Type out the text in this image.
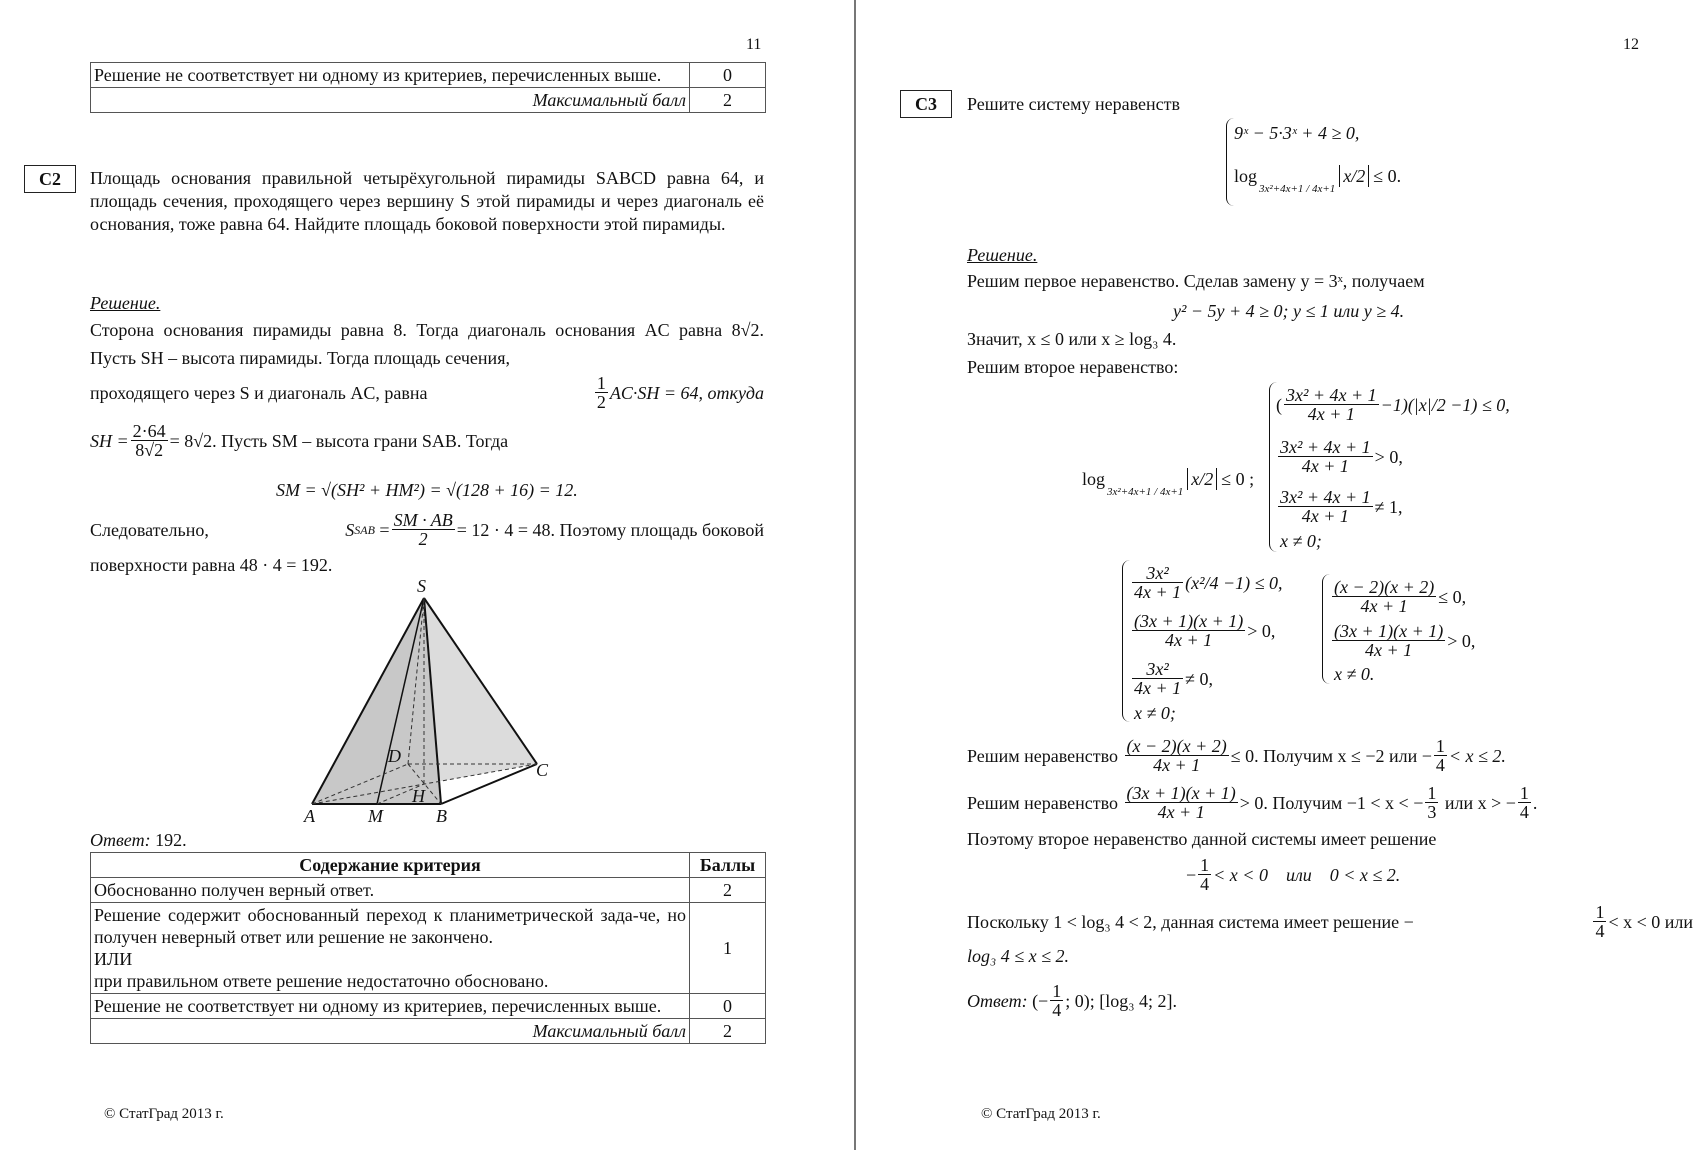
11
Решение не соответствует ни одному из критериев, перечисленных выше.	0
Максимальный балл	2
C2	Площадь основания правильной четырёхугольной пирамиды SABCD равна 64, и площадь сечения, проходящего через вершину S этой пирамиды и через диагональ её основания, тоже равна 64. Найдите площадь боковой поверхности этой пирамиды.
Решение.
Сторона основания пирамиды равна 8. Тогда диагональ основания AC равна 8√2. Пусть SH – высота пирамиды. Тогда площадь сечения,
проходящего через S и диагональ AC, равна	$\frac{1}{2} AC\cdot SH = 64$, откуда
SH = $\frac{2\cdot 64}{8√2} = 8√2$. Пусть SM – высота грани SAB. Тогда
SM = √(SH² + HM²) = √(128 + 16) = 12.
Следовательно,	S SAB = $\frac{SM \cdot AB}{2} = 12 \cdot 4 = 48$. Поэтому площадь боковой
поверхности равна 48 · 4 = 192.
S
A	M	B
C
D
H
Ответ: 192.
Содержание критерия	Баллы
Обоснованно получен верный ответ.	2

Решение содержит обоснованный переход к планиметрической зада-че, но получен неверный ответ или решение не закончено.
ИЛИ
при правильном ответе решение недостаточно обосновано.	1
Решение не соответствует ни одному из критериев, перечисленных выше.	0
Максимальный балл	2
© СтатГрад 2013 г.
12
C3	Решите систему неравенств
9ˣ − 5·3ˣ + 4 ≥ 0,
log
3x²+4x+1 / 4x+1
x/2 ≤ 0.
Решение.
Решим первое неравенство. Сделав замену y = 3ˣ, получаем
y² − 5y + 4 ≥ 0; y ≤ 1 или y ≥ 4.
Значит, x ≤ 0 или x ≥ log₃ 4.
Решим второе неравенство:
log
3x²+4x+1 / 4x+1
x/2 ≤ 0 ;
( $\frac{\text{3x² + 4x + 1}}{4x + 1} -1)(|x|/2 -1) \le 0$,
$\frac{\text{3x² + 4x + 1}}{4x + 1} > 0$,
$\frac{\text{3x² + 4x + 1}}{4x + 1} \ne 1$,
x ≠ 0;
$\frac{\text{3x²}}{4x + 1} (x^2/4 -1) \le 0$,
$\frac{(3x + 1)(x + 1)}{4x + 1} > 0$,
$\frac{\text{3x²}}{4x + 1} \ne 0$,
x ≠ 0;
$\frac{(x - 2)(x + 2)}{4x + 1} \le 0$,
$\frac{(3x + 1)(x + 1)}{4x + 1} > 0$,
x ≠ 0.
Решим неравенство
$\frac{(x - 2)(x + 2)}{4x + 1} \le 0$. Получим x ≤ −2 или − $\frac{1}{4} < x \le 2$.
Решим неравенство
$\frac{(3x + 1)(x + 1)}{4x + 1} > 0$. Получим −1 < x < − $\frac{1}{3}$
или x > − $\frac{1}{4}$ .
Поэтому второе неравенство данной системы имеет решение
− $\frac{1}{4} < x < 0$    или    0 < x ≤ 2.
Поскольку 1 < log₃ 4 < 2, данная система имеет решение −	$\frac{1}{4} < x < 0$ или
log₃ 4 ≤ x ≤ 2.
Ответ:
(− $\frac{1}{4}$ ; 0); [log₃ 4; 2].
© СтатГрад 2013 г.
